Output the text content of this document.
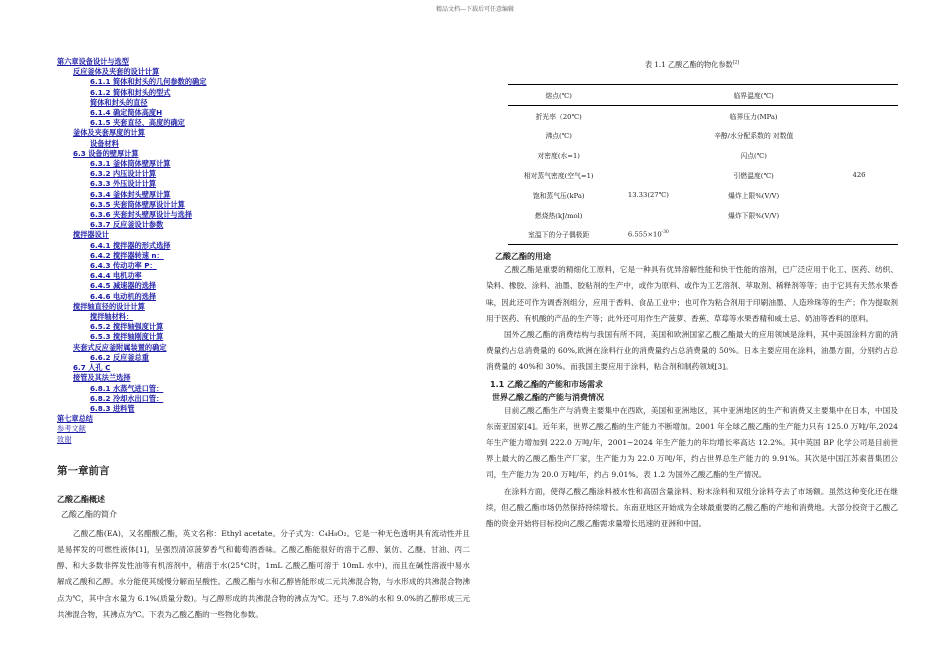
精品文档---下载后可任意编辑
第六章设备设计与选型
反应釜体及夹套的设计计算
6.1.1 简体和封头的几何参数的确定
6.1.2 简体和封头的型式
简体和封头的直径
6.1.4 确定简体高度H
6.1.5 夹套直径、高度的确定
釜体及夹套厚度的计算
设备材料
6.3 设备的壁厚计算
6.3.1 釜体筒体壁厚计算
6.3.2 内压设计计算
6.3.3 外压设计计算
6.3.4 釜体封头壁厚计算
6.3.5 夹套筒体壁厚设计计算
6.3.6 夹套封头壁厚设计与选择
6.3.7 反应釜设计参数
搅拌器设计
6.4.1 搅拌器的形式选择
6.4.2 搅拌器转速 n：
6.4.3 传动功率 P：
6.4.4 电机功率
6.4.5 减速器的选择
6.4.6 电动机的选择
搅拌轴直径的设计计算
搅拌轴材料：
6.5.2 搅拌轴强度计算
6.5.3 搅拌轴刚度计算
夹套式反应釜附属装置的确定
6.6.2 反应釜总重
6.7 人孔 C
接管及其法兰选择
6.8.1 水蒸气进口管：
6.8.2 冷却水出口管：
6.8.3 进料管
第七章总结
参考文献
致谢
第一章前言
乙酸乙酯概述
乙酸乙酯的简介

乙酸乙酯(EA)，又名醋酸乙酯，英文名称：Ethyl acetate。分子式为：C₄H₈O₂。它是一种无色透明具有流动性并且是易挥发的可燃性液体[1]，呈强烈清凉菠萝香气和葡萄酒香味。乙酸乙酯能很好的溶于乙醇、氯仿、乙醚、甘油、丙二醇、和大多数非挥发性油等有机溶剂中，稍溶于水(25°C时，1mL 乙酸乙酯可溶于 10mL 水中)，而且在碱性溶液中易水解成乙酸和乙醇。水分能使其缓慢分解而呈酸性。乙酸乙酯与水和乙醇皆能形成二元共沸混合物，与水形成的共沸混合物沸点为℃，其中含水量为 6.1%(质量分数)。与乙醇形成的共沸混合物的沸点为℃。还与 7.8%的水和 9.0%的乙醇形成三元共沸混合物，其沸点为℃。下表为乙酸乙酯的一些物化参数。

表 1.1 乙酸乙酯的物化参数[2]
熔点(℃)		临界温度(℃)	
折光率（20℃)		临界压力(MPa)	
沸点(℃)		辛醇/水分配系数的 对数值	
对密度(水=1)		闪点(℃)	
相对蒸气密度(空气=1)		引燃温度(℃)	426
饱和蒸气压(kPa)	13.33(27℃)	爆炸上限%(V/V)	
燃烧热(kJ/mol)		爆炸下限%(V/V)	
室温下的分子偶极距	$6.555\times 10^{-30}$		
乙酸乙酯的用途

乙酸乙酯是重要的精细化工原料，它是一种具有优异溶解性能和快干性能的溶剂，已广泛应用于化工、医药、纺织、染料、橡胶、涂料、油墨、胶粘剂的生产中，或作为原料、或作为工艺溶剂、萃取剂、稀释剂等等；由于它具有天然水果香味，因此还可作为调香剂组分，应用于香料、食品工业中；也可作为粘合剂用于印刷油墨、人造珍珠等的生产；作为提取剂 用于医药、有机酸的产品的生产等；此外还可用作生产菠萝、香蕉、草莓等水果香精和威士忌、奶油等香料的原料。

国外乙酸乙酯的消费结构与我国有所不同，美国和欧洲国家乙酸乙酯最大的应用领域是涂料，其中美国涂料方面的消费量约占总消费量的 60%,欧洲在涂料行业的消费量约占总消费量的 50%。日本主要应用在涂料，油墨方面，分别约占总消费量的 40%和 30%。而我国主要应用于涂料，粘合剂和制药领域[3]。

1.1 乙酸乙酯的产能和市场需求
世界乙酸乙酯的产能与消费情况

目前乙酸乙酯生产与消费主要集中在西欧，美国和亚洲地区，其中亚洲地区的生产和消费又主要集中在日本，中国及东南亚国家[4]。近年来，世界乙酸乙酯的生产能力不断增加。2001 年全球乙酸乙酯的生产能力只有 125.0 万吨/年,2024 年生产能力增加到 222.0 万吨/年，2001~2024 年生产能力的年均增长率高达 12.2%。其中英国 BP 化学公司是目前世界上最大的乙酸乙酯生产厂家，生产能力为 22.0 万吨/年，约占世界总生产能力的 9.91%。其次是中国江苏索普集团公司，生产能力为 20.0 万吨/年，约占 9.01%。表 1.2 为国外乙酸乙酯的生产情况。

在涂料方面，使得乙酸乙酯涂料被水性和高固含量涂料、粉末涂料和双组分涂料夺去了市场额。虽然这种变化还在继续，但乙酸乙酯市场仍然保持持续增长。东南亚地区开始成为全球最重要的乙酸乙酯的产地和消费地。大部分投资于乙酸乙酯的资金开始将目标投向乙酸乙酯需求量增长迅速的亚洲和中国。
